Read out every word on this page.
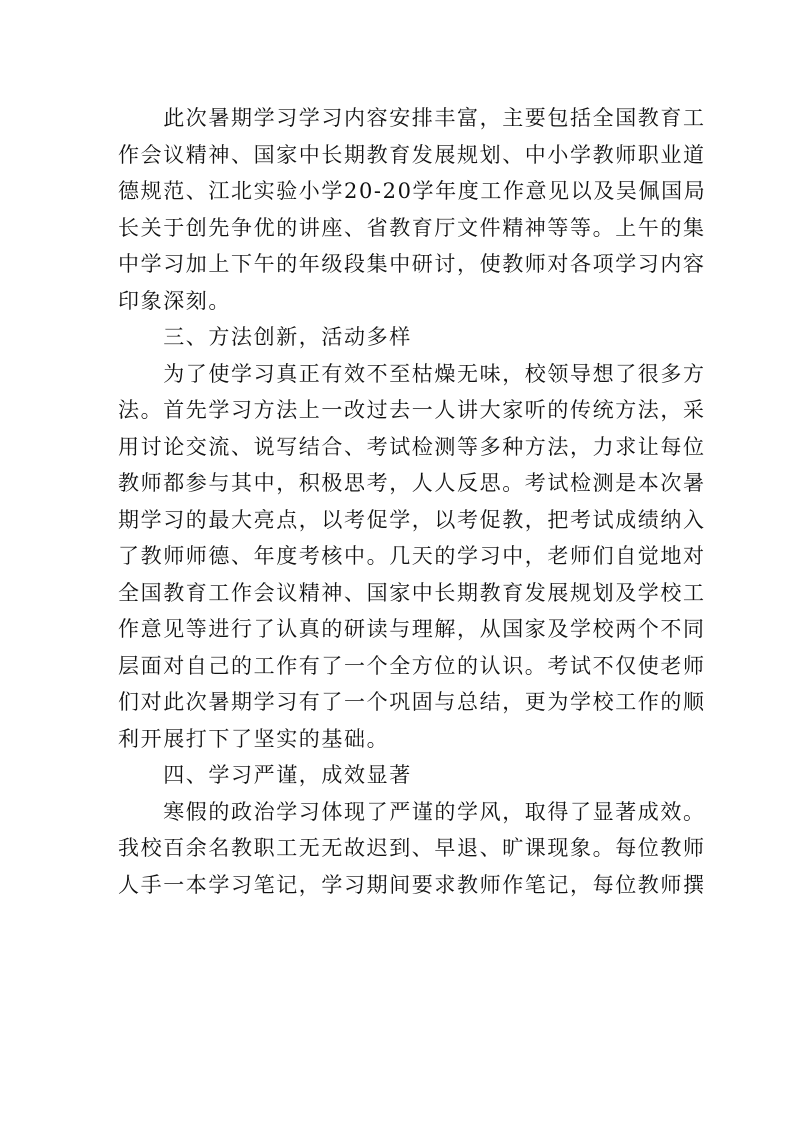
　　此次暑期学习学习内容安排丰富，主要包括全国教育工
作会议精神、国家中长期教育发展规划、中小学教师职业道
德规范、江北实验小学20-20学年度工作意见以及吴佩国局
长关于创先争优的讲座、省教育厅文件精神等等。上午的集
中学习加上下午的年级段集中研讨，使教师对各项学习内容
印象深刻。
　　三、方法创新，活动多样
　　为了使学习真正有效不至枯燥无味，校领导想了很多方
法。首先学习方法上一改过去一人讲大家听的传统方法，采
用讨论交流、说写结合、考试检测等多种方法，力求让每位
教师都参与其中，积极思考，人人反思。考试检测是本次暑
期学习的最大亮点，以考促学，以考促教，把考试成绩纳入
了教师师德、年度考核中。几天的学习中，老师们自觉地对
全国教育工作会议精神、国家中长期教育发展规划及学校工
作意见等进行了认真的研读与理解，从国家及学校两个不同
层面对自己的工作有了一个全方位的认识。考试不仅使老师
们对此次暑期学习有了一个巩固与总结，更为学校工作的顺
利开展打下了坚实的基础。
　　四、学习严谨，成效显著
　　寒假的政治学习体现了严谨的学风，取得了显著成效。
我校百余名教职工无无故迟到、早退、旷课现象。每位教师
人手一本学习笔记，学习期间要求教师作笔记，每位教师撰
